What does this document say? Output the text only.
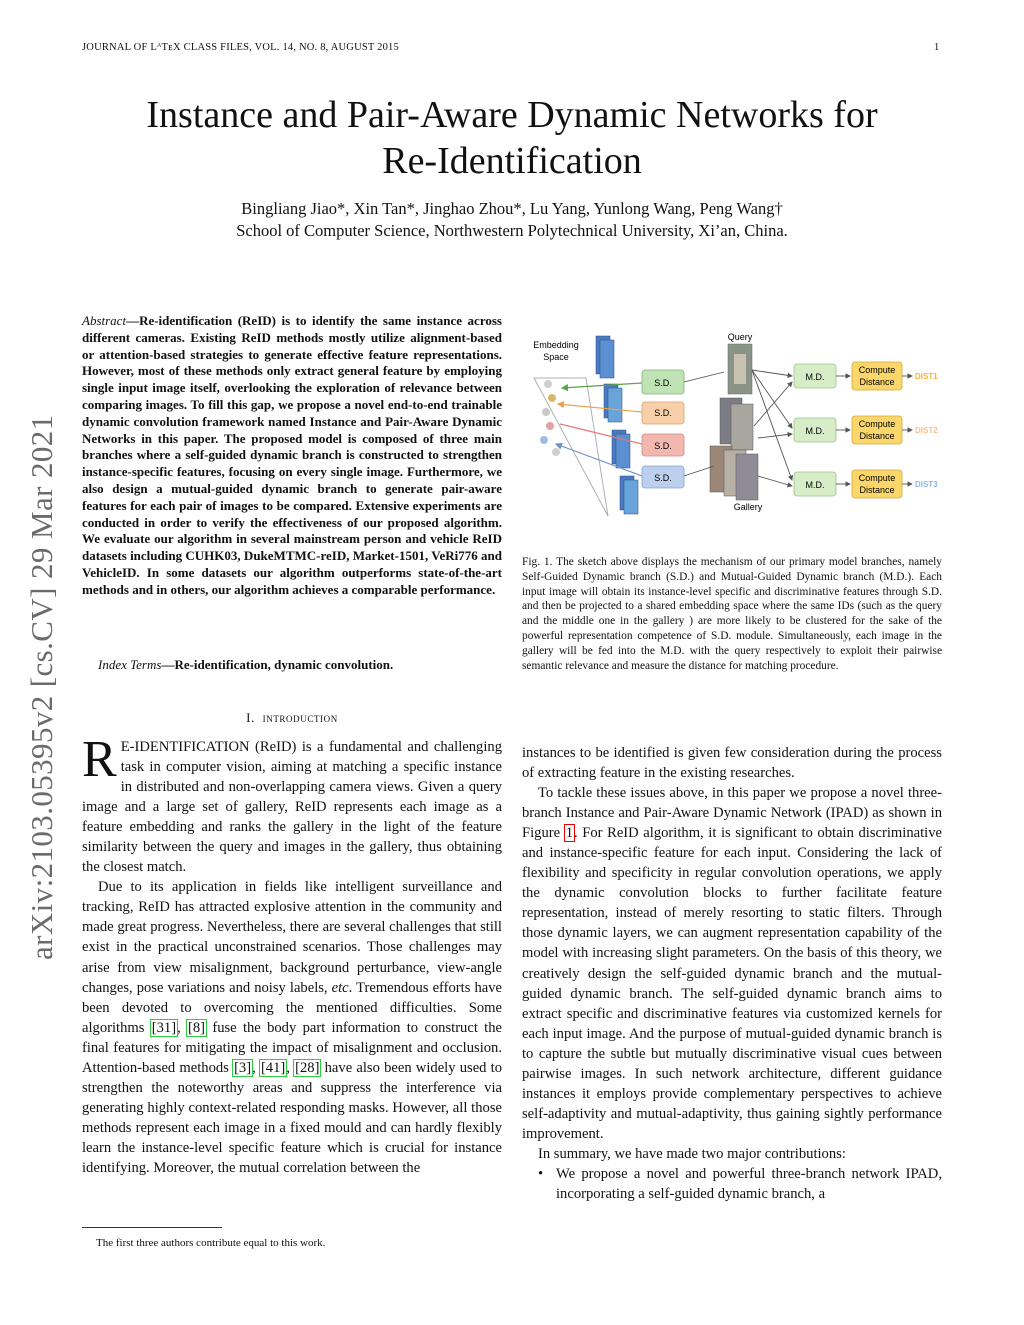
JOURNAL OF LᴬTᴇX CLASS FILES, VOL. 14, NO. 8, AUGUST 2015	1
Instance and Pair-Aware Dynamic Networks for
Re-Identification
Bingliang Jiao*, Xin Tan*, Jinghao Zhou*, Lu Yang, Yunlong Wang, Peng Wang†
School of Computer Science, Northwestern Polytechnical University, Xi’an, China.
arXiv:2103.05395v2 [cs.CV] 29 Mar 2021
Abstract—Re-identification (ReID) is to identify the same instance across different cameras. Existing ReID methods mostly utilize alignment-based or attention-based strategies to generate effective feature representations. However, most of these methods only extract general feature by employing single input image itself, overlooking the exploration of relevance between comparing images. To fill this gap, we propose a novel end-to-end trainable dynamic convolution framework named Instance and Pair-Aware Dynamic Networks in this paper. The proposed model is composed of three main branches where a self-guided dynamic branch is constructed to strengthen instance-specific features, focusing on every single image. Furthermore, we also design a mutual-guided dynamic branch to generate pair-aware features for each pair of images to be compared. Extensive experiments are conducted in order to verify the effectiveness of our proposed algorithm. We evaluate our algorithm in several mainstream person and vehicle ReID datasets including CUHK03, DukeMTMC-reID, Market-1501, VeRi776 and VehicleID. In some datasets our algorithm outperforms state-of-the-art methods and in others, our algorithm achieves a comparable performance.
Index Terms—Re-identification, dynamic convolution.
I. introduction

R E-IDENTIFICATION (ReID) is a fundamental and challenging task in computer vision, aiming at matching a specific instance in distributed and non-overlapping camera views. Given a query image and a large set of gallery, ReID represents each image as a feature embedding and ranks the gallery in the light of the feature similarity between the query and images in the gallery, thus obtaining the closest match.

Due to its application in fields like intelligent surveillance and tracking, ReID has attracted explosive attention in the community and made great progress. Nevertheless, there are several challenges that still exist in the practical unconstrained scenarios. Those challenges may arise from view misalignment, background perturbance, view-angle changes, pose variations and noisy labels, etc. Tremendous efforts have been devoted to overcoming the mentioned difficulties. Some algorithms [31], [8] fuse the body part information to construct the final features for mitigating the impact of misalignment and occlusion. Attention-based methods [3], [41], [28] have also been widely used to strengthen the noteworthy areas and suppress the interference via generating highly context-related responding masks. However, all those methods represent each image in a fixed mould and can hardly flexibly learn the instance-level specific feature which is crucial for instance identifying. Moreover, the mutual correlation between the

The first three authors contribute equal to this work.
Embedding
Space
S.D.
S.D.
S.D.
S.D.
Query
Gallery
M.D.
M.D.
M.D.
Compute
Distance
Compute
Distance
Compute
Distance
DIST1
DIST2
DIST3
Fig. 1. The sketch above displays the mechanism of our primary model branches, namely Self-Guided Dynamic branch (S.D.) and Mutual-Guided Dynamic branch (M.D.). Each input image will obtain its instance-level specific and discriminative features through S.D. and then be projected to a shared embedding space where the same IDs (such as the query and the middle one in the gallery ) are more likely to be clustered for the sake of the powerful representation competence of S.D. module. Simultaneously, each image in the gallery will be fed into the M.D. with the query respectively to exploit their pairwise semantic relevance and measure the distance for matching procedure.

instances to be identified is given few consideration during the process of extracting feature in the existing researches.

To tackle these issues above, in this paper we propose a novel three-branch Instance and Pair-Aware Dynamic Network (IPAD) as shown in Figure 1. For ReID algorithm, it is significant to obtain discriminative and instance-specific feature for each input. Considering the lack of flexibility and specificity in regular convolution operations, we apply the dynamic convolution blocks to further facilitate feature representation, instead of merely resorting to static filters. Through those dynamic layers, we can augment representation capability of the model with increasing slight parameters. On the basis of this theory, we creatively design the self-guided dynamic branch and the mutual-guided dynamic branch. The self-guided dynamic branch aims to extract specific and discriminative features via customized kernels for each input image. And the purpose of mutual-guided dynamic branch is to capture the subtle but mutually discriminative visual cues between pairwise images. In such network architecture, different guidance instances it employs provide complementary perspectives to achieve self-adaptivity and mutual-adaptivity, thus gaining sightly performance improvement.

In summary, we have made two major contributions:

• We propose a novel and powerful three-branch network IPAD, incorporating a self-guided dynamic branch, a
